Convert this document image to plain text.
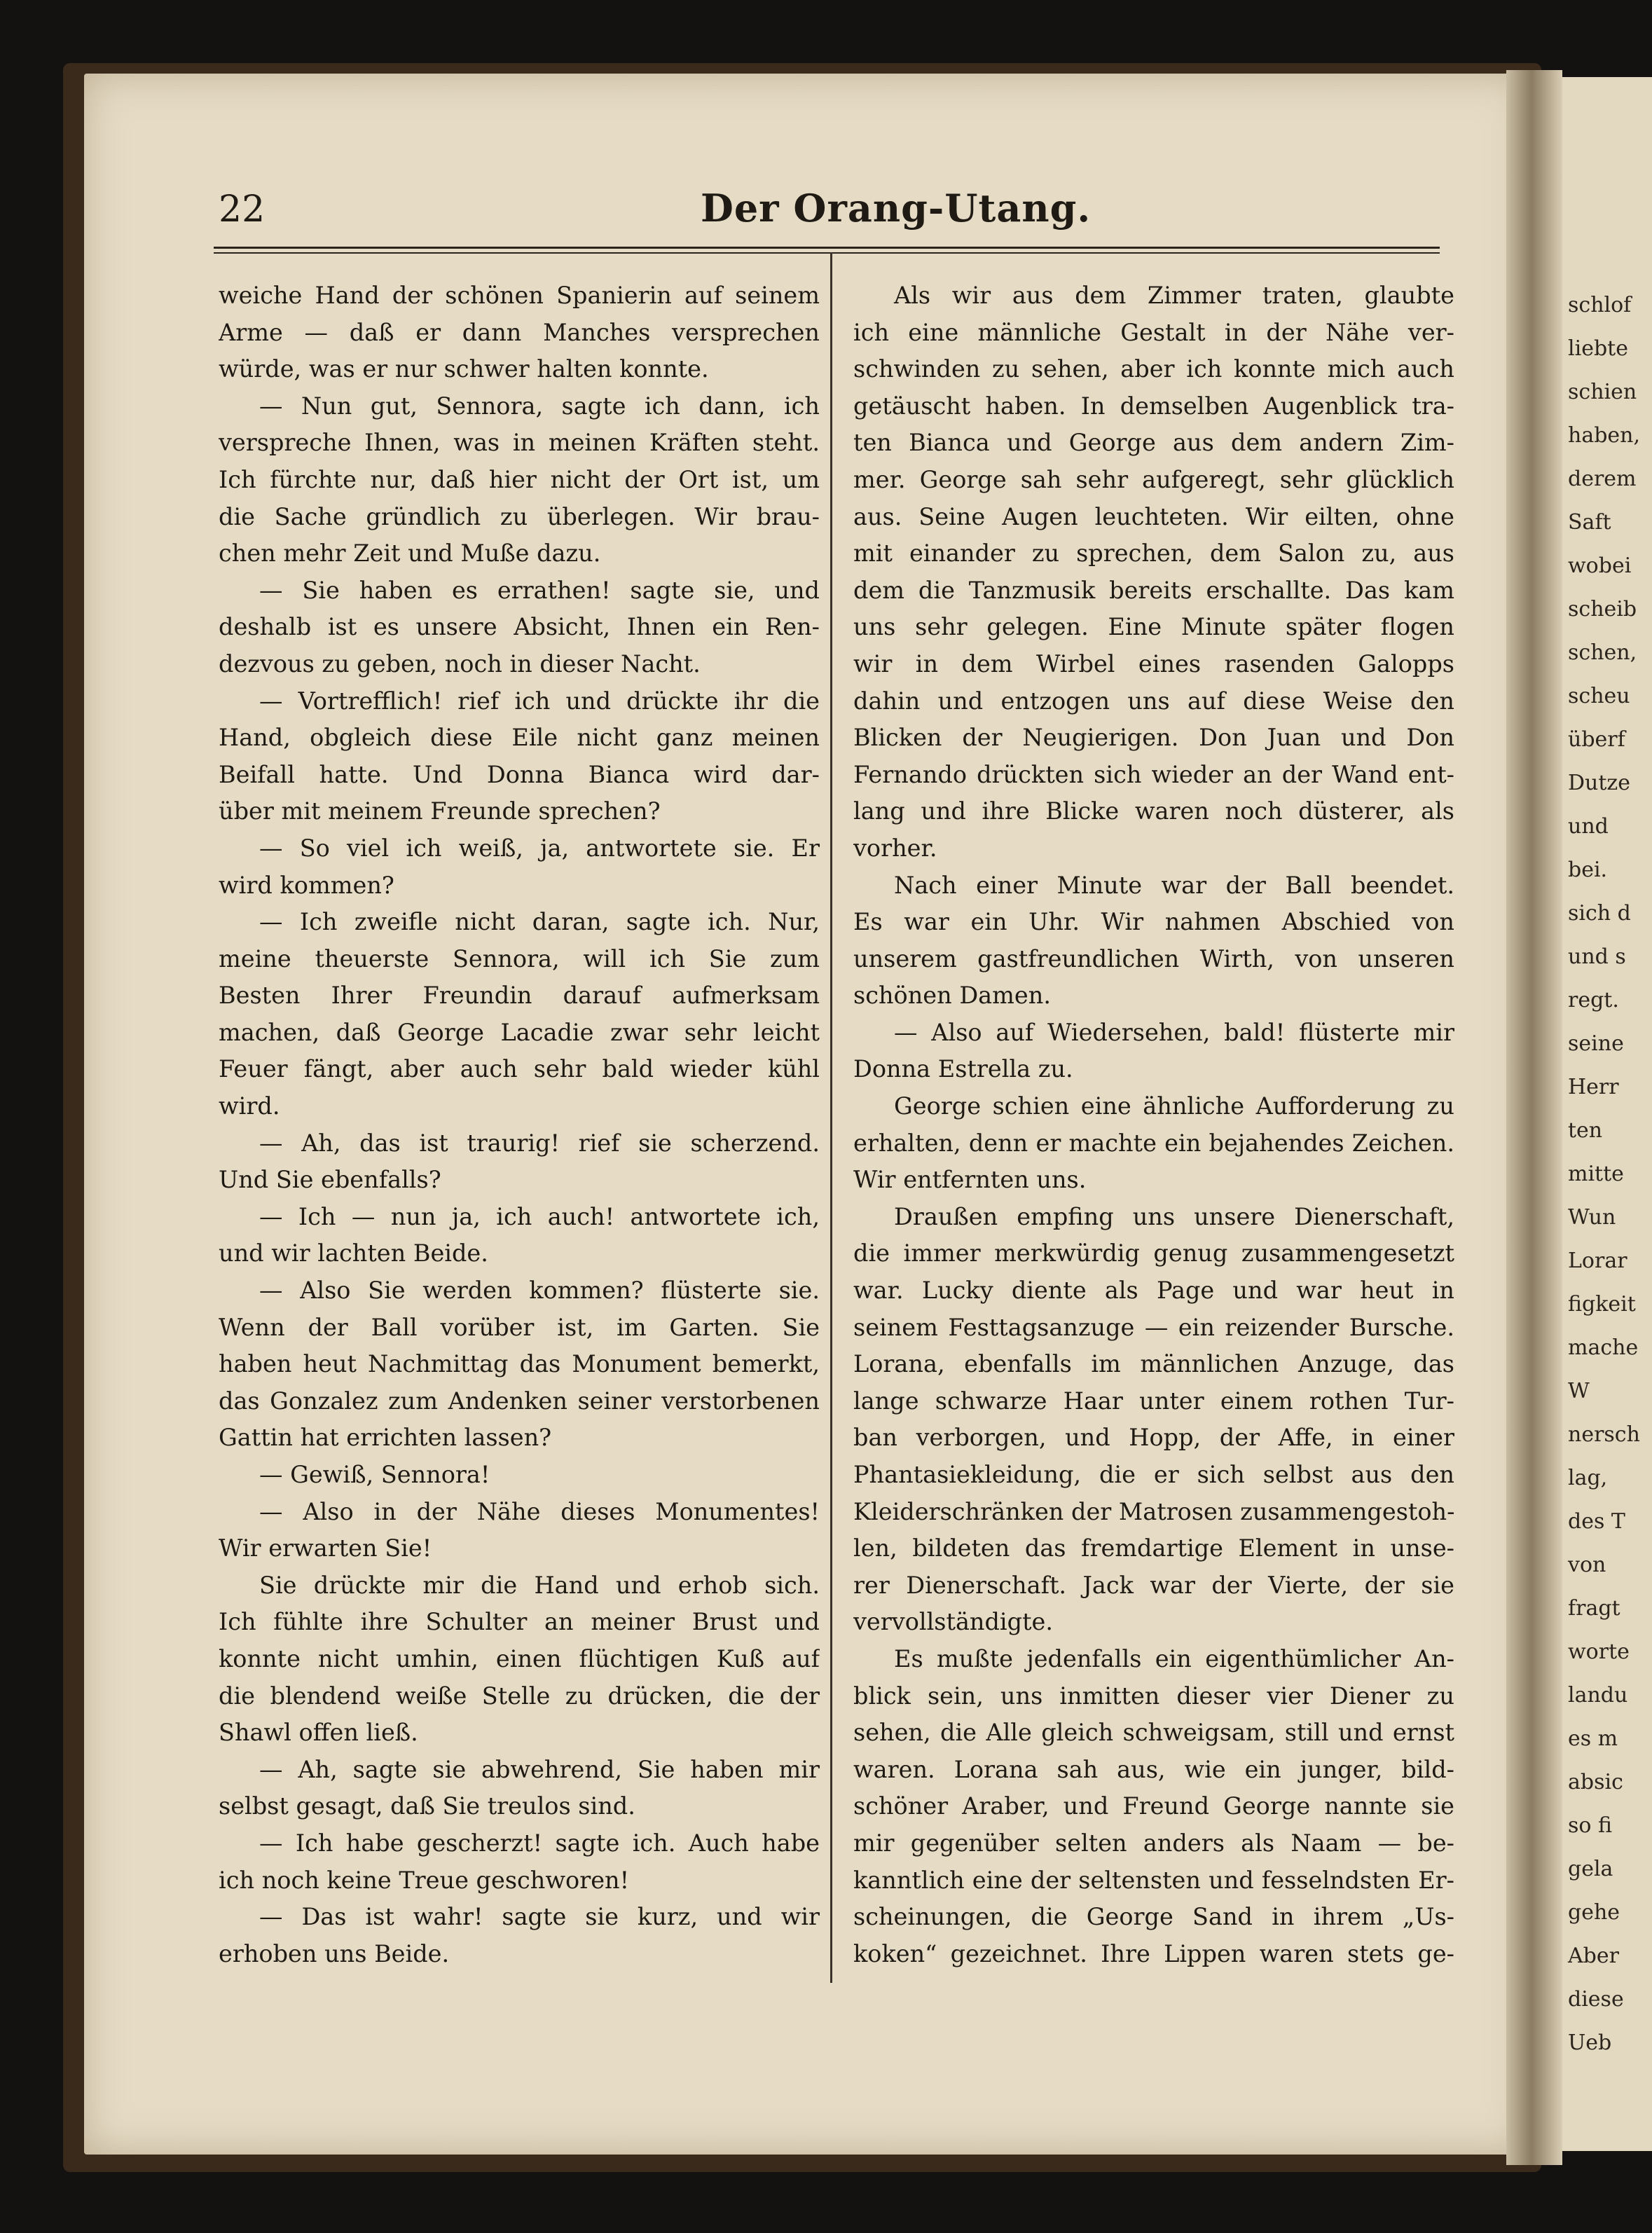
schlof
liebte
schien
haben,
derem
Saft
wobei
scheib
schen,
scheu
überf
Dutze
und
bei.
sich d
und s
regt.
seine
Herr
ten
mitte
Wun
Lorar
figkeit
mache
W
nersch
lag,
des T
von
fragt
worte
landu
es m
absic
so fi
gela
gehe
Aber
diese
Ueb
22	Der Orang-Utang.
weiche Hand der schönen Spanierin auf seinem
Arme — daß er dann Manches versprechen
würde, was er nur schwer halten konnte.
— Nun gut, Sennora, sagte ich dann, ich
verspreche Ihnen, was in meinen Kräften steht.
Ich fürchte nur, daß hier nicht der Ort ist, um
die Sache gründlich zu überlegen. Wir brau-
chen mehr Zeit und Muße dazu.
— Sie haben es errathen! sagte sie, und
deshalb ist es unsere Absicht, Ihnen ein Ren-
dezvous zu geben, noch in dieser Nacht.
— Vortrefflich! rief ich und drückte ihr die
Hand, obgleich diese Eile nicht ganz meinen
Beifall hatte. Und Donna Bianca wird dar-
über mit meinem Freunde sprechen?
— So viel ich weiß, ja, antwortete sie. Er
wird kommen?
— Ich zweifle nicht daran, sagte ich. Nur,
meine theuerste Sennora, will ich Sie zum
Besten Ihrer Freundin darauf aufmerksam
machen, daß George Lacadie zwar sehr leicht
Feuer fängt, aber auch sehr bald wieder kühl
wird.
— Ah, das ist traurig! rief sie scherzend.
Und Sie ebenfalls?
— Ich — nun ja, ich auch! antwortete ich,
und wir lachten Beide.
— Also Sie werden kommen? flüsterte sie.
Wenn der Ball vorüber ist, im Garten. Sie
haben heut Nachmittag das Monument bemerkt,
das Gonzalez zum Andenken seiner verstorbenen
Gattin hat errichten lassen?
— Gewiß, Sennora!
— Also in der Nähe dieses Monumentes!
Wir erwarten Sie!
Sie drückte mir die Hand und erhob sich.
Ich fühlte ihre Schulter an meiner Brust und
konnte nicht umhin, einen flüchtigen Kuß auf
die blendend weiße Stelle zu drücken, die der
Shawl offen ließ.
— Ah, sagte sie abwehrend, Sie haben mir
selbst gesagt, daß Sie treulos sind.
— Ich habe gescherzt! sagte ich. Auch habe
ich noch keine Treue geschworen!
— Das ist wahr! sagte sie kurz, und wir
erhoben uns Beide.
Als wir aus dem Zimmer traten, glaubte
ich eine männliche Gestalt in der Nähe ver-
schwinden zu sehen, aber ich konnte mich auch
getäuscht haben. In demselben Augenblick tra-
ten Bianca und George aus dem andern Zim-
mer. George sah sehr aufgeregt, sehr glücklich
aus. Seine Augen leuchteten. Wir eilten, ohne
mit einander zu sprechen, dem Salon zu, aus
dem die Tanzmusik bereits erschallte. Das kam
uns sehr gelegen. Eine Minute später flogen
wir in dem Wirbel eines rasenden Galopps
dahin und entzogen uns auf diese Weise den
Blicken der Neugierigen. Don Juan und Don
Fernando drückten sich wieder an der Wand ent-
lang und ihre Blicke waren noch düsterer, als
vorher.
Nach einer Minute war der Ball beendet.
Es war ein Uhr. Wir nahmen Abschied von
unserem gastfreundlichen Wirth, von unseren
schönen Damen.
— Also auf Wiedersehen, bald! flüsterte mir
Donna Estrella zu.
George schien eine ähnliche Aufforderung zu
erhalten, denn er machte ein bejahendes Zeichen.
Wir entfernten uns.
Draußen empfing uns unsere Dienerschaft,
die immer merkwürdig genug zusammengesetzt
war. Lucky diente als Page und war heut in
seinem Festtagsanzuge — ein reizender Bursche.
Lorana, ebenfalls im männlichen Anzuge, das
lange schwarze Haar unter einem rothen Tur-
ban verborgen, und Hopp, der Affe, in einer
Phantasiekleidung, die er sich selbst aus den
Kleiderschränken der Matrosen zusammengestoh-
len, bildeten das fremdartige Element in unse-
rer Dienerschaft. Jack war der Vierte, der sie
vervollständigte.
Es mußte jedenfalls ein eigenthümlicher An-
blick sein, uns inmitten dieser vier Diener zu
sehen, die Alle gleich schweigsam, still und ernst
waren. Lorana sah aus, wie ein junger, bild-
schöner Araber, und Freund George nannte sie
mir gegenüber selten anders als Naam — be-
kanntlich eine der seltensten und fesselndsten Er-
scheinungen, die George Sand in ihrem „Us-
koken“ gezeichnet. Ihre Lippen waren stets ge-
